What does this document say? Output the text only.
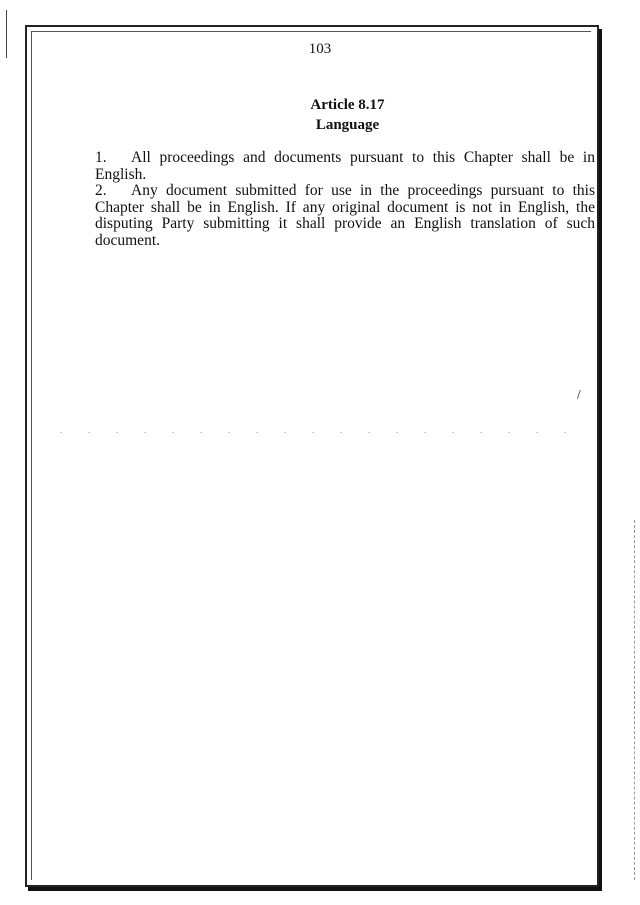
103
Article 8.17
Language

1. All proceedings and documents pursuant to this Chapter shall be in English.

2. Any document submitted for use in the proceedings pursuant to this Chapter shall be in English. If any original document is not in English, the disputing Party submitting it shall provide an English translation of such document.

/
